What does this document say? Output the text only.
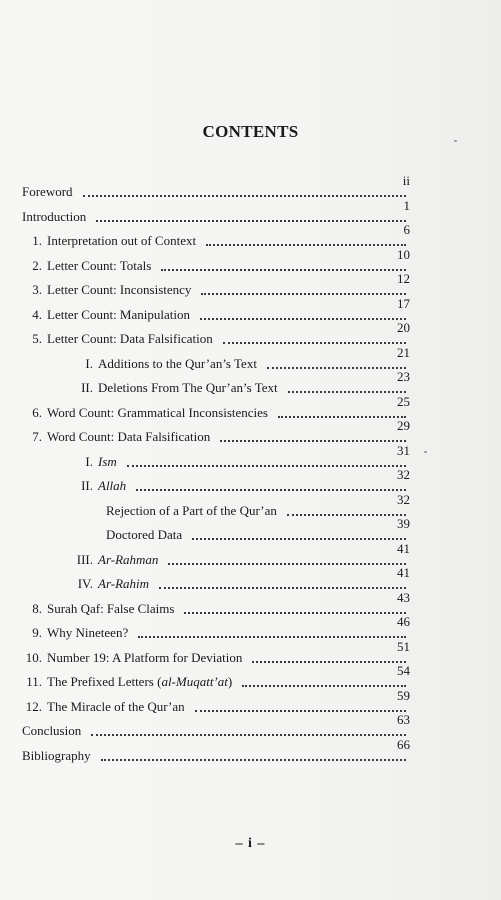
CONTENTS
Foreword
ii
Introduction
1
1. Interpretation out of Context
6
2. Letter Count: Totals
10
3. Letter Count: Inconsistency
12
4. Letter Count: Manipulation
17
5. Letter Count: Data Falsification
20
I. Additions to the Qur’an’s Text
21
II. Deletions From The Qur’an’s Text
23
6. Word Count: Grammatical Inconsistencies
25
7. Word Count: Data Falsification
29
I. Ism
31
II. Allah
32
Rejection of a Part of the Qur’an
32
Doctored Data
39
III. Ar-Rahman
41
IV. Ar-Rahim
41
8. Surah Qaf: False Claims
43
9. Why Nineteen?
46
10. Number 19: A Platform for Deviation
51
11. The Prefixed Letters (al-Muqatt’at)
54
12. The Miracle of the Qur’an
59
Conclusion
63
Bibliography
66
– i –
